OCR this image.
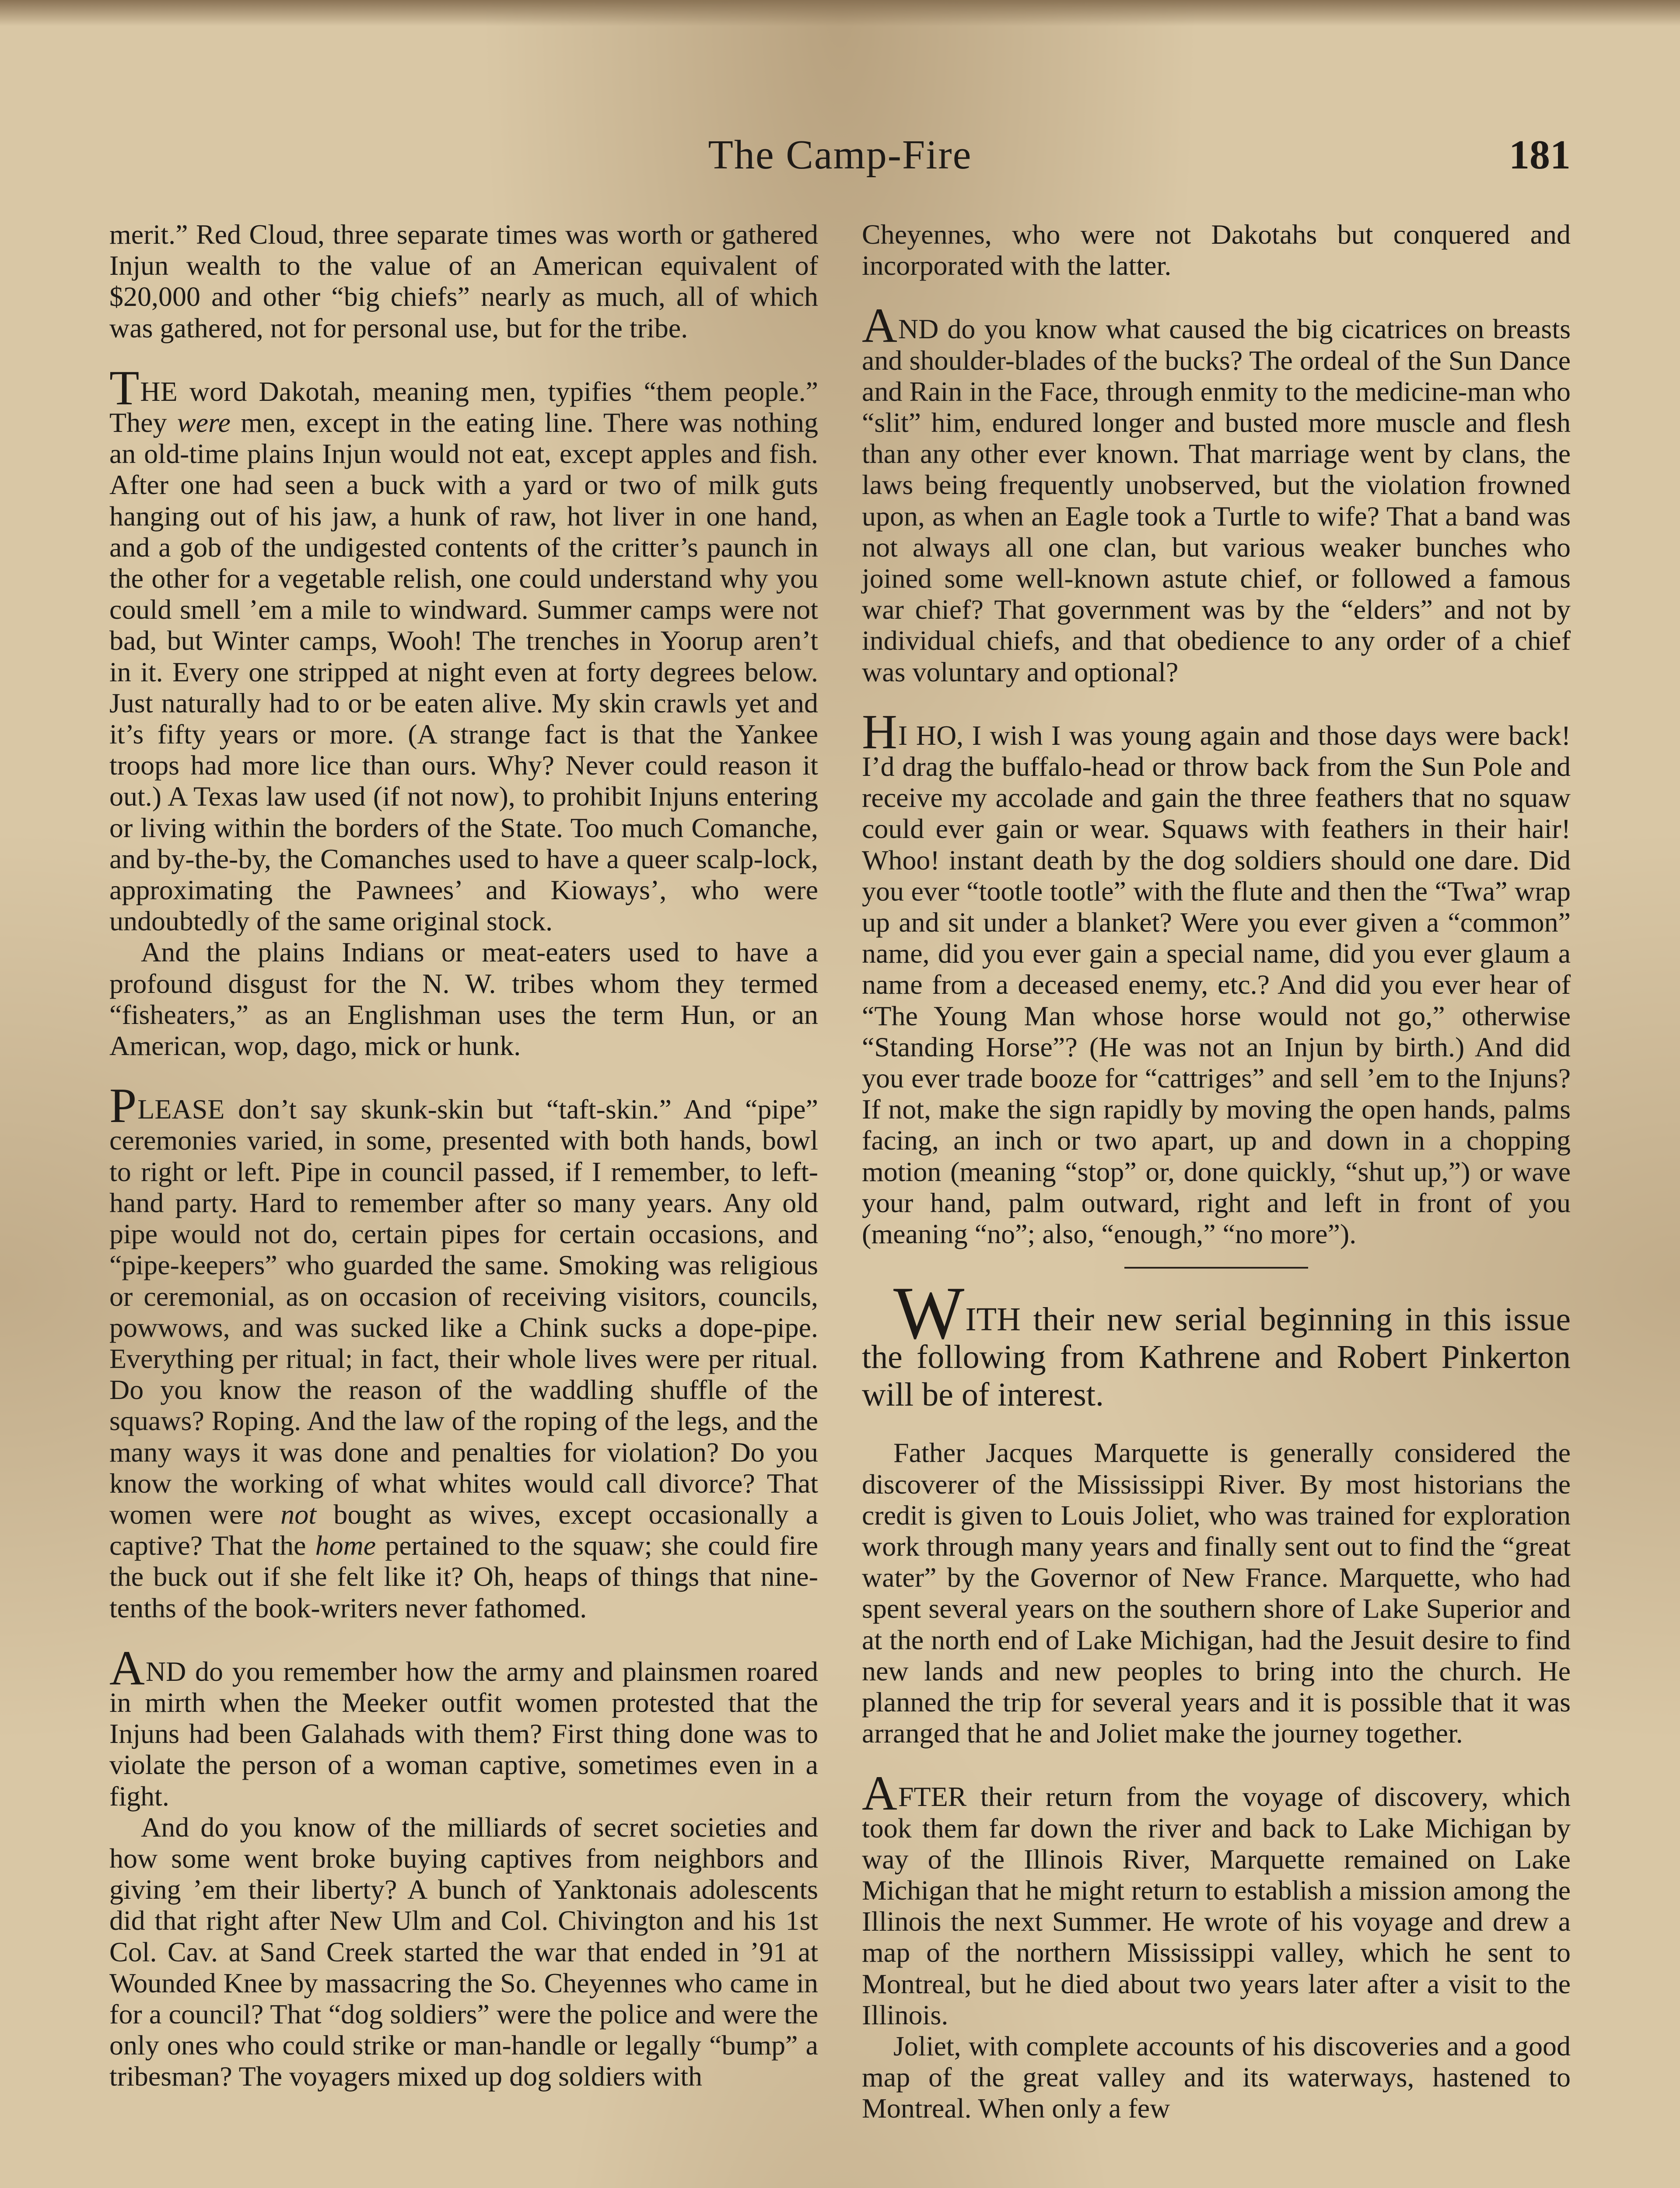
The Camp-Fire	181

merit.” Red Cloud, three separate times was worth or gathered Injun wealth to the value of an American equivalent of $20,000 and other “big chiefs” nearly as much, all of which was gathered, not for personal use, but for the tribe.

THE word Dakotah, meaning men, typifies “them people.” They were men, except in the eating line. There was nothing an old-time plains Injun would not eat, except apples and fish. After one had seen a buck with a yard or two of milk guts hanging out of his jaw, a hunk of raw, hot liver in one hand, and a gob of the undigested contents of the critter’s paunch in the other for a vegetable relish, one could understand why you could smell ’em a mile to windward. Summer camps were not bad, but Winter camps, Wooh! The trenches in Yoorup aren’t in it. Every one stripped at night even at forty degrees below. Just naturally had to or be eaten alive. My skin crawls yet and it’s fifty years or more. (A strange fact is that the Yankee troops had more lice than ours. Why? Never could reason it out.) A Texas law used (if not now), to prohibit Injuns entering or living within the borders of the State. Too much Comanche, and by-the-by, the Comanches used to have a queer scalp-lock, approximating the Pawnees’ and Kioways’, who were undoubtedly of the same original stock.

And the plains Indians or meat-eaters used to have a profound disgust for the N. W. tribes whom they termed “fisheaters,” as an Englishman uses the term Hun, or an American, wop, dago, mick or hunk.

PLEASE don’t say skunk-skin but “taft-skin.” And “pipe” ceremonies varied, in some, presented with both hands, bowl to right or left. Pipe in council passed, if I remember, to left-hand party. Hard to remember after so many years. Any old pipe would not do, certain pipes for certain occasions, and “pipe-keepers” who guarded the same. Smoking was religious or ceremonial, as on occasion of receiving visitors, councils, powwows, and was sucked like a Chink sucks a dope-pipe. Everything per ritual; in fact, their whole lives were per ritual. Do you know the reason of the waddling shuffle of the squaws? Roping. And the law of the roping of the legs, and the many ways it was done and penalties for violation? Do you know the working of what whites would call divorce? That women were not bought as wives, except occasionally a captive? That the home pertained to the squaw; she could fire the buck out if she felt like it? Oh, heaps of things that nine-tenths of the book-writers never fathomed.

AND do you remember how the army and plainsmen roared in mirth when the Meeker outfit women protested that the Injuns had been Galahads with them? First thing done was to violate the person of a woman captive, sometimes even in a fight.

And do you know of the milliards of secret societies and how some went broke buying captives from neighbors and giving ’em their liberty? A bunch of Yanktonais adolescents did that right after New Ulm and Col. Chivington and his 1st Col. Cav. at Sand Creek started the war that ended in ’91 at Wounded Knee by massacring the So. Cheyennes who came in for a council? That “dog soldiers” were the police and were the only ones who could strike or man-handle or legally “bump” a tribesman? The voyagers mixed up dog soldiers with

Cheyennes, who were not Dakotahs but conquered and incorporated with the latter.

AND do you know what caused the big cicatrices on breasts and shoulder-blades of the bucks? The ordeal of the Sun Dance and Rain in the Face, through enmity to the medicine-man who “slit” him, endured longer and busted more muscle and flesh than any other ever known. That marriage went by clans, the laws being frequently unobserved, but the violation frowned upon, as when an Eagle took a Turtle to wife? That a band was not always all one clan, but various weaker bunches who joined some well-known astute chief, or followed a famous war chief? That government was by the “elders” and not by individual chiefs, and that obedience to any order of a chief was voluntary and optional?

HI HO, I wish I was young again and those days were back! I’d drag the buffalo-head or throw back from the Sun Pole and receive my accolade and gain the three feathers that no squaw could ever gain or wear. Squaws with feathers in their hair! Whoo! instant death by the dog soldiers should one dare. Did you ever “tootle tootle” with the flute and then the “Twa” wrap up and sit under a blanket? Were you ever given a “common” name, did you ever gain a special name, did you ever glaum a name from a deceased enemy, etc.? And did you ever hear of “The Young Man whose horse would not go,” otherwise “Standing Horse”? (He was not an Injun by birth.) And did you ever trade booze for “cattriges” and sell ’em to the Injuns? If not, make the sign rapidly by moving the open hands, palms facing, an inch or two apart, up and down in a chopping motion (meaning “stop” or, done quickly, “shut up,”) or wave your hand, palm outward, right and left in front of you (meaning “no”; also, “enough,” “no more”).

WITH their new serial beginning in this issue the following from Kathrene and Robert Pinkerton will be of interest.

Father Jacques Marquette is generally considered the discoverer of the Mississippi River. By most historians the credit is given to Louis Joliet, who was trained for exploration work through many years and finally sent out to find the “great water” by the Governor of New France. Marquette, who had spent several years on the southern shore of Lake Superior and at the north end of Lake Michigan, had the Jesuit desire to find new lands and new peoples to bring into the church. He planned the trip for several years and it is possible that it was arranged that he and Joliet make the journey together.

AFTER their return from the voyage of discovery, which took them far down the river and back to Lake Michigan by way of the Illinois River, Marquette remained on Lake Michigan that he might return to establish a mission among the Illinois the next Summer. He wrote of his voyage and drew a map of the northern Mississippi valley, which he sent to Montreal, but he died about two years later after a visit to the Illinois.

Joliet, with complete accounts of his discoveries and a good map of the great valley and its waterways, hastened to Montreal. When only a few
